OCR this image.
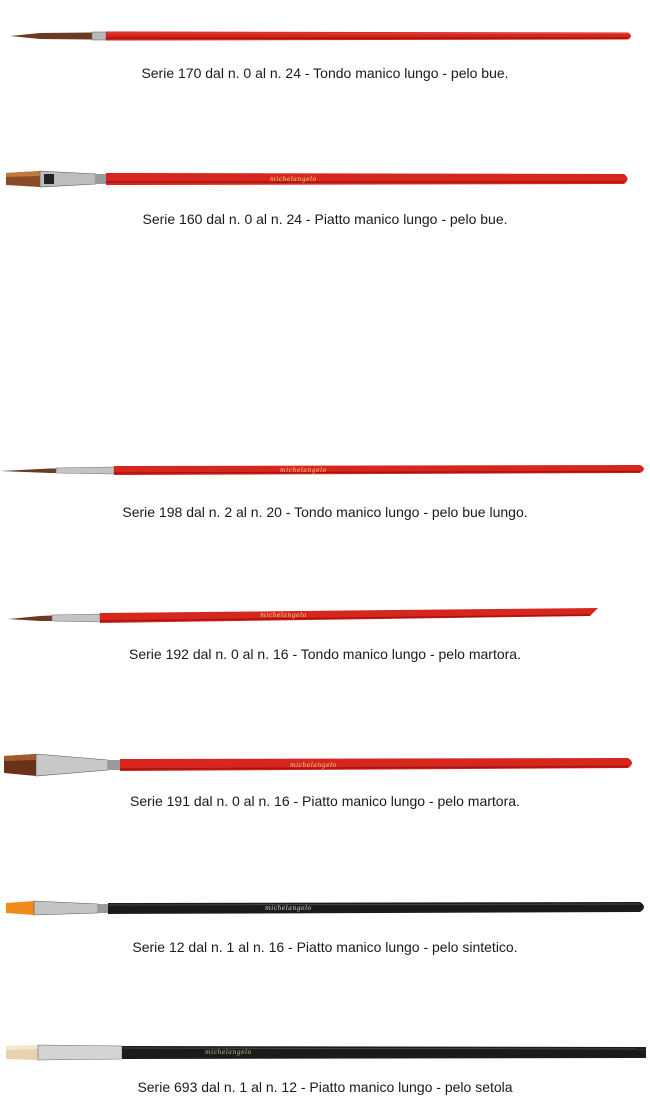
Serie 170 dal n. 0 al n. 24 - Tondo manico lungo - pelo bue.
michelangelo
Serie 160 dal n. 0 al n. 24 - Piatto manico lungo - pelo bue.
michelangelo
Serie 198 dal n. 2 al n. 20 - Tondo manico lungo - pelo bue lungo.
michelangelo
Serie 192 dal n. 0 al n. 16 - Tondo manico lungo - pelo martora.
michelangelo
Serie 191 dal n. 0 al n. 16 - Piatto manico lungo - pelo martora.
michelangelo
Serie 12 dal n. 1 al n. 16 - Piatto manico lungo - pelo sintetico.
michelangelo
Serie 693 dal n. 1 al n. 12 - Piatto manico lungo - pelo setola
